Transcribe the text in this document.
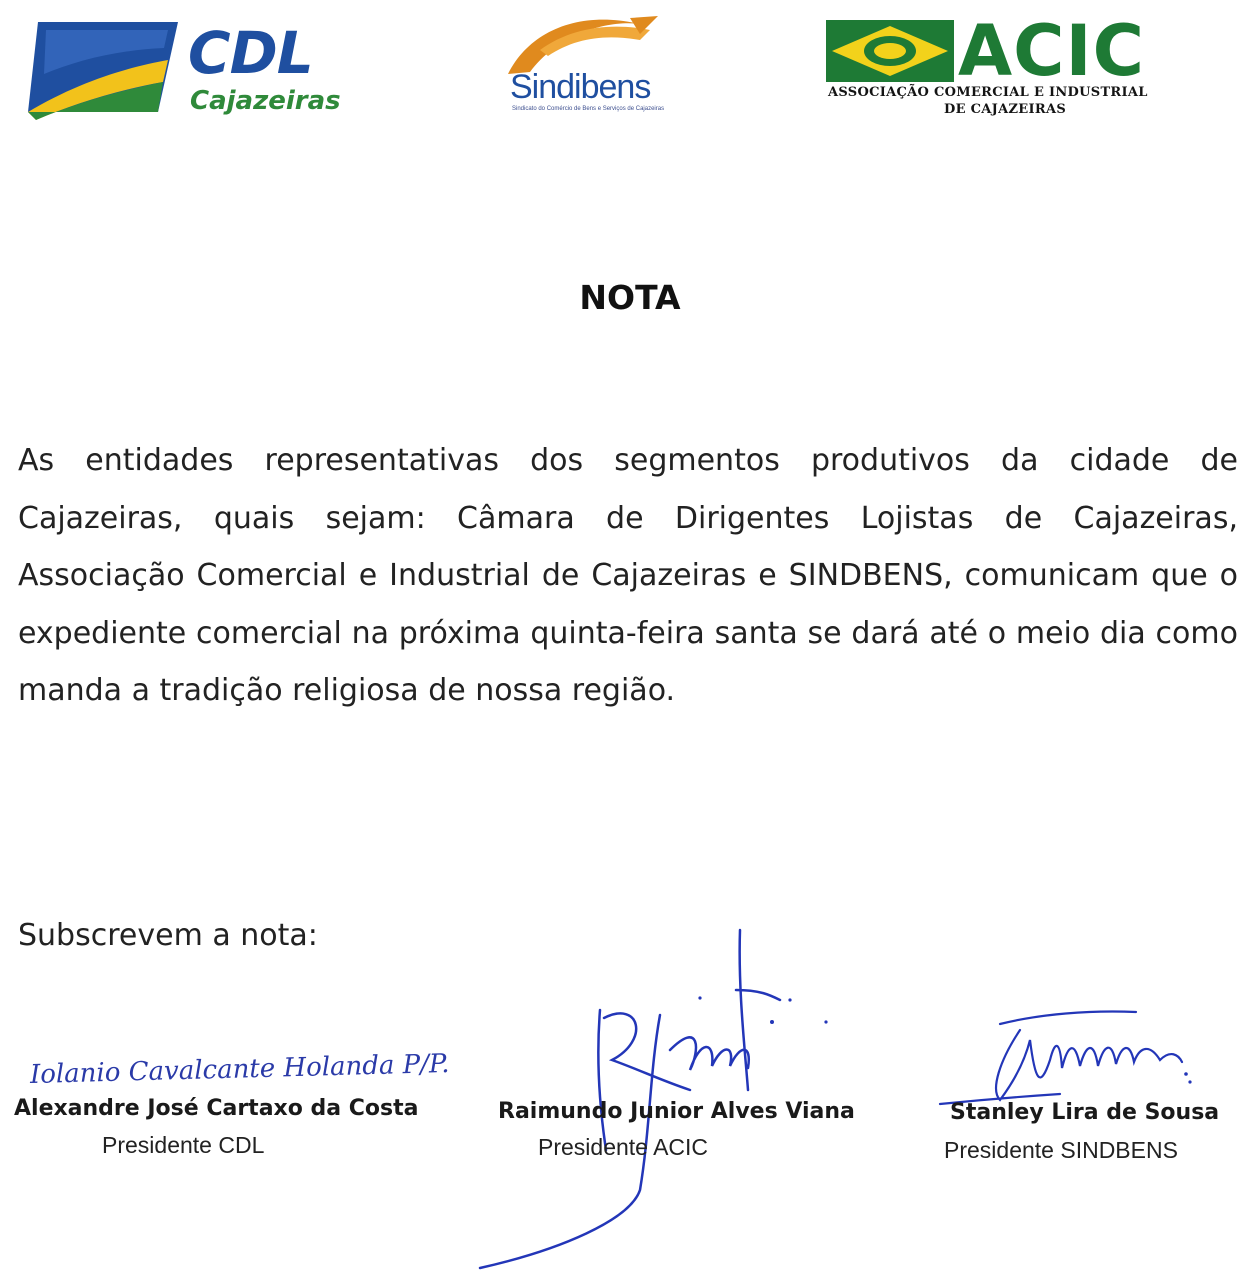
CDL
Cajazeiras	Sindibens
Sindicato do Comércio de Bens e Serviços de Cajazeiras
ACIC
ASSOCIAÇÃO COMERCIAL E INDUSTRIAL
DE CAJAZEIRAS
NOTA
As entidades representativas dos segmentos produtivos da cidade de Cajazeiras, quais sejam: Câmara de Dirigentes Lojistas de Cajazeiras, Associação Comercial e Industrial de Cajazeiras e SINDBENS, comunicam que o expediente comercial na próxima quinta-feira santa se dará até o meio dia como manda a tradição religiosa de nossa região.
Subscrevem a nota:
Iolanio Cavalcante Holanda P/P.
Alexandre José Cartaxo da Costa
Presidente CDL
Raimundo Junior Alves Viana
Presidente ACIC
Stanley Lira de Sousa
Presidente SINDBENS
